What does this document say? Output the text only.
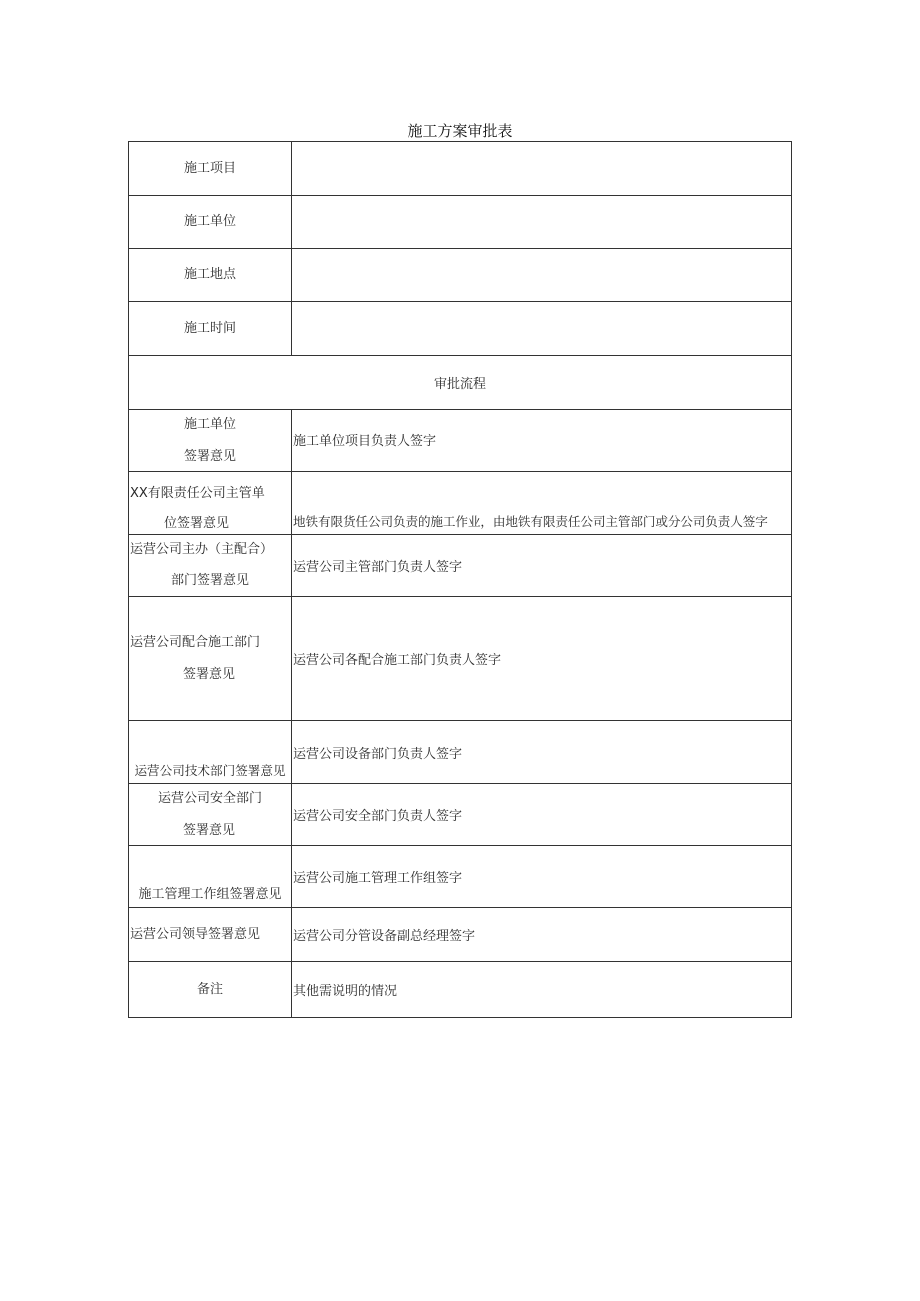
施工方案审批表
施工项目	
施工单位	
施工地点	
施工时间	
审批流程	

施工单位
签署意见	施工单位项目负责人签字

XX有限责任公司主管单
位签署意见	地铁有限货任公司负责的施工作业，由地铁有限责任公司主管部门或分公司负责人签字

运营公司主办（主配合）
部门签署意见	运营公司主管部门负责人签字

运营公司配合施工部门
签署意见	运营公司各配合施工部门负责人签字
运营公司技术部门签署意见	运营公司设备部门负责人签字

运营公司安全部门
签署意见	运营公司安全部门负责人签字
施工管理工作组签署意见	运营公司施工管理工作组签字
运营公司领导签署意见	运营公司分管设备副总经理签字
备注	其他需说明的情况
